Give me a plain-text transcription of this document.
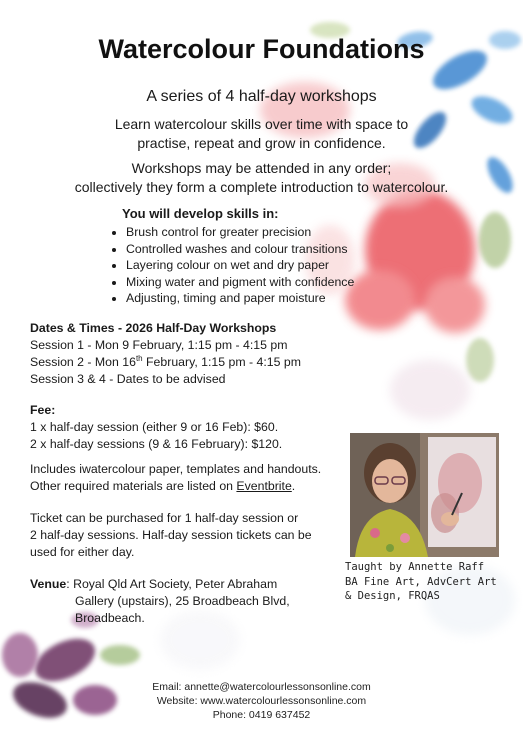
Watercolour Foundations
A series of 4 half-day workshops
Learn watercolour skills over time with space to
practise, repeat and grow in confidence.
Workshops may be attended in any order;
collectively they form a complete introduction to watercolour.
You will develop skills in:
• Brush control for greater precision
• Controlled washes and colour transitions
• Layering colour on wet and dry paper
• Mixing water and pigment with confidence
• Adjusting, timing and paper moisture
Dates & Times - 2026 Half-Day Workshops
Session 1 - Mon 9 February, 1:15 pm - 4:15 pm
Session 2 - Mon 16th February, 1:15 pm - 4:15 pm
Session 3 & 4 - Dates to be advised
Fee:
1 x half-day session (either 9 or 16 Feb): $60.
2 x half-day sessions (9 & 16 February): $120.
Includes iwatercolour paper, templates and handouts.
Other required materials are listed on Eventbrite.
Ticket can be purchased for 1 half-day session or
2 half-day sessions. Half-day session tickets can be
used for either day.
Venue: Royal Qld Art Society, Peter Abraham
Gallery (upstairs), 25 Broadbeach Blvd,
Broadbeach.
Taught by Annette Raff
BA Fine Art, AdvCert Art
& Design, FRQAS
Email: annette@watercolourlessonsonline.com
Website: www.watercolourlessonsonline.com
Phone: 0419 637452
